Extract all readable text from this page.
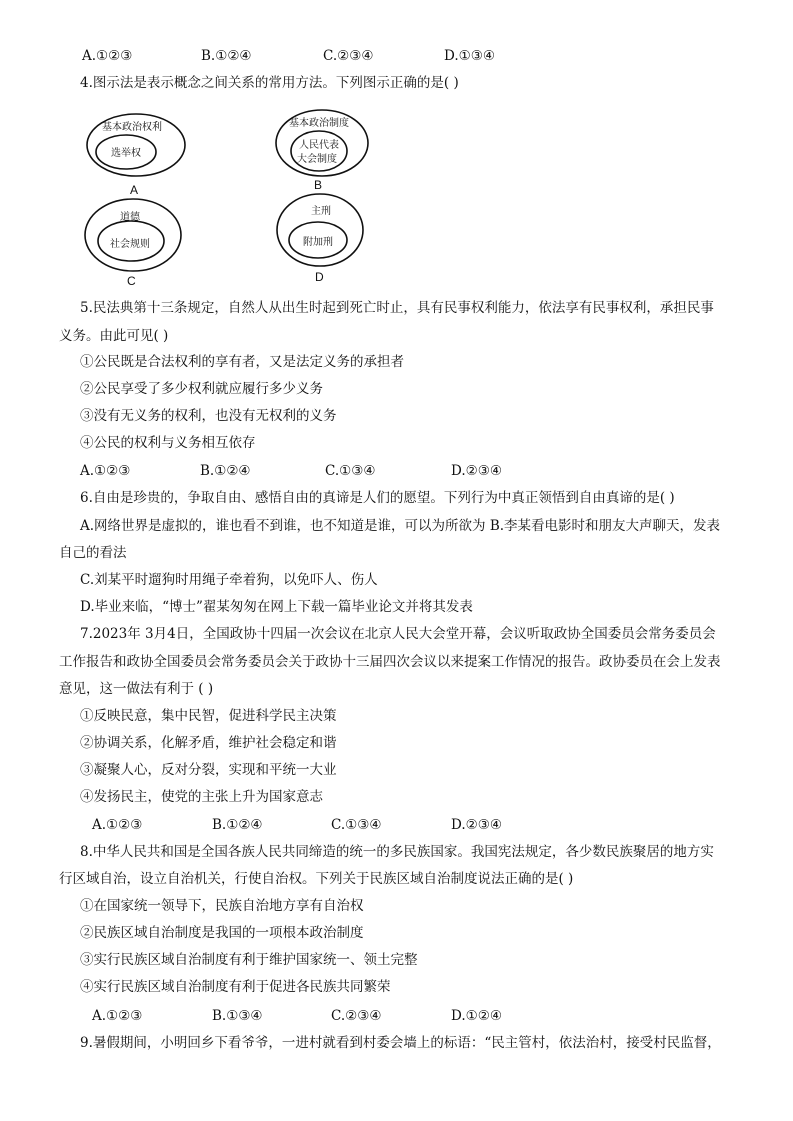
A.①②③	B.①②④	C.②③④	D.①③④
4.图示法是表示概念之间关系的常用方法。下列图示正确的是( )
基本政治权利
选举权
A
基本政治制度
人民代表
大会制度
B
道德
社会规则
C
主刑
附加刑
D
5.民法典第十三条规定，自然人从出生时起到死亡时止，具有民事权利能力，依法享有民事权利，承担民事
义务。由此可见( )
①公民既是合法权利的享有者，又是法定义务的承担者
②公民享受了多少权利就应履行多少义务
③没有无义务的权利，也没有无权利的义务
④公民的权利与义务相互依存
A.①②③	B.①②④	C.①③④	D.②③④
6.自由是珍贵的，争取自由、感悟自由的真谛是人们的愿望。下列行为中真正领悟到自由真谛的是( )
A.网络世界是虚拟的，谁也看不到谁，也不知道是谁，可以为所欲为 B.李某看电影时和朋友大声聊天，发表
自己的看法
C.刘某平时遛狗时用绳子牵着狗，以免吓人、伤人
D.毕业来临，“博士”翟某匆匆在网上下载一篇毕业论文并将其发表
7.2023年 3月4日，全国政协十四届一次会议在北京人民大会堂开幕，会议听取政协全国委员会常务委员会
工作报告和政协全国委员会常务委员会关于政协十三届四次会议以来提案工作情况的报告。政协委员在会上发表
意见，这一做法有利于 ( )
①反映民意，集中民智，促进科学民主决策
②协调关系，化解矛盾，维护社会稳定和谐
③凝聚人心，反对分裂，实现和平统一大业
④发扬民主，使党的主张上升为国家意志
A.①②③	B.①②④	C.①③④	D.②③④
8.中华人民共和国是全国各族人民共同缔造的统一的多民族国家。我国宪法规定，各少数民族聚居的地方实
行区域自治，设立自治机关，行使自治权。下列关于民族区域自治制度说法正确的是( )
①在国家统一领导下，民族自治地方享有自治权
②民族区域自治制度是我国的一项根本政治制度
③实行民族区域自治制度有利于维护国家统一、领土完整
④实行民族区域自治制度有利于促进各民族共同繁荣
A.①②③	B.①③④	C.②③④	D.①②④
9.暑假期间，小明回乡下看爷爷，一进村就看到村委会墙上的标语：“民主管村，依法治村，接受村民监督，
